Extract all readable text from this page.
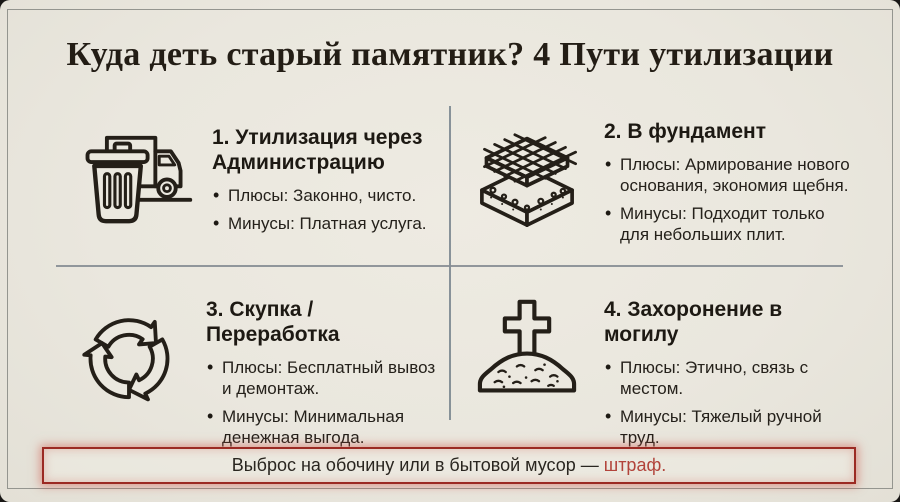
Куда деть старый памятник? 4 Пути утилизации
1. Утилизация через Администрацию
• Плюсы: Законно, чисто.
• Минусы: Платная услуга.
2. В фундамент
• Плюсы: Армирование нового основания, экономия щебня.
• Минусы: Подходит только для небольших плит.
3. Скупка / Переработка
• Плюсы: Бесплатный вывоз и демонтаж.
• Минусы: Минимальная денежная выгода.
4. Захоронение в могилу
• Плюсы: Этично, связь с местом.
• Минусы: Тяжелый ручной труд.

Выброс на обочину или в бытовой мусор — штраф.
